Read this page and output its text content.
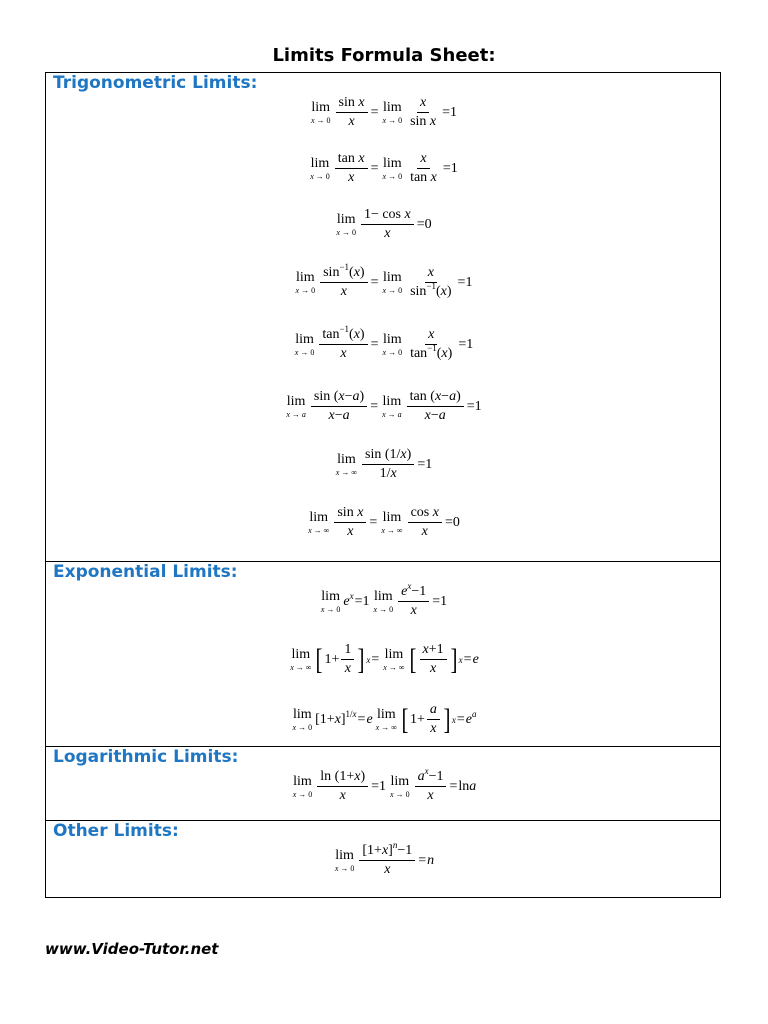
Limits Formula Sheet:
Trigonometric Limits:
lim
$x \to 0 \frac{\text{sin x}}{x} = \lim$
$x \to 0 \frac{x}{\text{sin x}} =1$
lim
$x \to 0 \frac{\text{tan x}}{x} = \lim$
$x \to 0 \frac{x}{\text{tan x}} =1$
lim
$x \to 0 \frac{\text{1− cos x}}{x} =0$
lim
$x \to 0 \frac{\sin^{-1}(x)}{x} = \lim$
$x \to 0 \frac{x}{\sin^{-1}(x)} =1$
lim
$x \to 0 \frac{\tan^{-1}(x)}{x} = \lim$
$x \to 0 \frac{x}{\tan^{-1}(x)} =1$
lim
x → a $\frac{\sin (x-a)}{x-a} = \lim$
x → a $\frac{\tan (x-a)}{x-a} =1$
lim
x → ∞ $\frac{\sin (1/x)}{1/x} =1$
lim
x → ∞ $\frac{\text{sin x}}{x} = \lim$
x → ∞ $\frac{\text{cos x}}{x} =0$
Exponential Limits:
lim
x → 0
$e^x =1$ lim
$x \to 0 \frac{e^x-1}{x} =1$
lim
x → ∞ [ $1+ \frac{1}{x}$ ] x = lim
x → ∞ [ $\frac{x+1}{x}$ ] x = e
lim
x → 0
$[1+x]^{1/x} = e$ lim
x → ∞ [ $1+ \frac{a}{x}$ ] $x = e^a$
Logarithmic Limits:
lim
$x \to 0 \frac{\ln (1+x)}{x} =1$ lim
$x \to 0 \frac{a^x-1}{x} = \ln a$
Other Limits:
lim
$x \to 0 \frac{[1+x]^n-1}{x} = n$
www.Video-Tutor.net
